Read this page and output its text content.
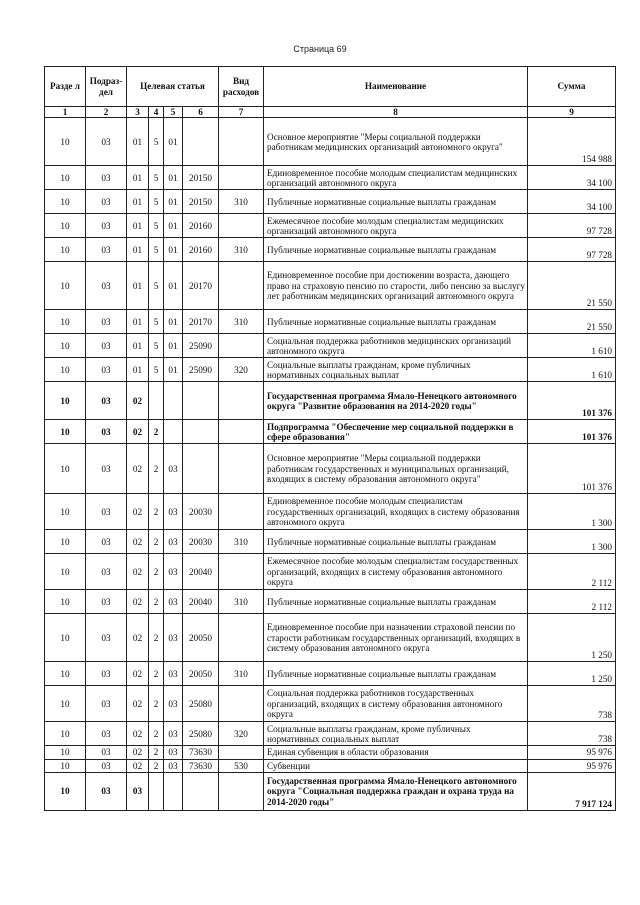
Страница 69
Разде л	Подраз- дел	Целевая статья				Вид расходов	Наименование	Сумма
1	2	3	4	5	6	7	8	9
10	03	01	5	01			Основное мероприятие "Меры социальной поддержки работникам медицинских организаций автономного округа"	154 988
10	03	01	5	01	20150		Единовременное пособие молодым специалистам медицинских организаций автономного округа	34 100
10	03	01	5	01	20150	310	Публичные нормативные социальные выплаты гражданам	34 100
10	03	01	5	01	20160		Ежемесячное пособие молодым специалистам медицинских организаций автономного округа	97 728
10	03	01	5	01	20160	310	Публичные нормативные социальные выплаты гражданам	97 728
10	03	01	5	01	20170		Единовременное пособие при достижении возраста, дающего право на страховую пенсию по старости, либо пенсию за выслугу лет работникам медицинских организаций автономного округа	21 550
10	03	01	5	01	20170	310	Публичные нормативные социальные выплаты гражданам	21 550
10	03	01	5	01	25090		Социальная поддержка работников медицинских организаций автономного округа	1 610
10	03	01	5	01	25090	320	Социальные выплаты гражданам, кроме публичных нормативных социальных выплат	1 610
10	03	02					Государственная программа Ямало-Ненецкого автономного округа "Развитие образования на 2014-2020 годы"	101 376
10	03	02	2				Подпрограмма "Обеспечение мер социальной поддержки в сфере образования"	101 376
10	03	02	2	03			Основное мероприятие "Меры социальной поддержки работникам государственных и муниципальных организаций, входящих в систему образования автономного округа"	101 376
10	03	02	2	03	20030		Единовременное пособие молодым специалистам государственных организаций, входящих в систему образования автономного округа	1 300
10	03	02	2	03	20030	310	Публичные нормативные социальные выплаты гражданам	1 300
10	03	02	2	03	20040		Ежемесячное пособие молодым специалистам государственных организаций, входящих в систему образования автономного округа	2 112
10	03	02	2	03	20040	310	Публичные нормативные социальные выплаты гражданам	2 112
10	03	02	2	03	20050		Единовременное пособие при назначении страховой пенсии по старости работникам государственных организаций, входящих в систему образования автономного округа	1 250
10	03	02	2	03	20050	310	Публичные нормативные социальные выплаты гражданам	1 250
10	03	02	2	03	25080		Социальная поддержка работников государственных организаций, входящих в систему образования автономного округа	738
10	03	02	2	03	25080	320	Социальные выплаты гражданам, кроме публичных нормативных социальных выплат	738
10	03	02	2	03	73630		Единая субвенция в области образования	95 976
10	03	02	2	03	73630	530	Субвенции	95 976
10	03	03					Государственная программа Ямало-Ненецкого автономного округа "Социальная поддержка граждан и охрана труда на 2014-2020 годы"	7 917 124
